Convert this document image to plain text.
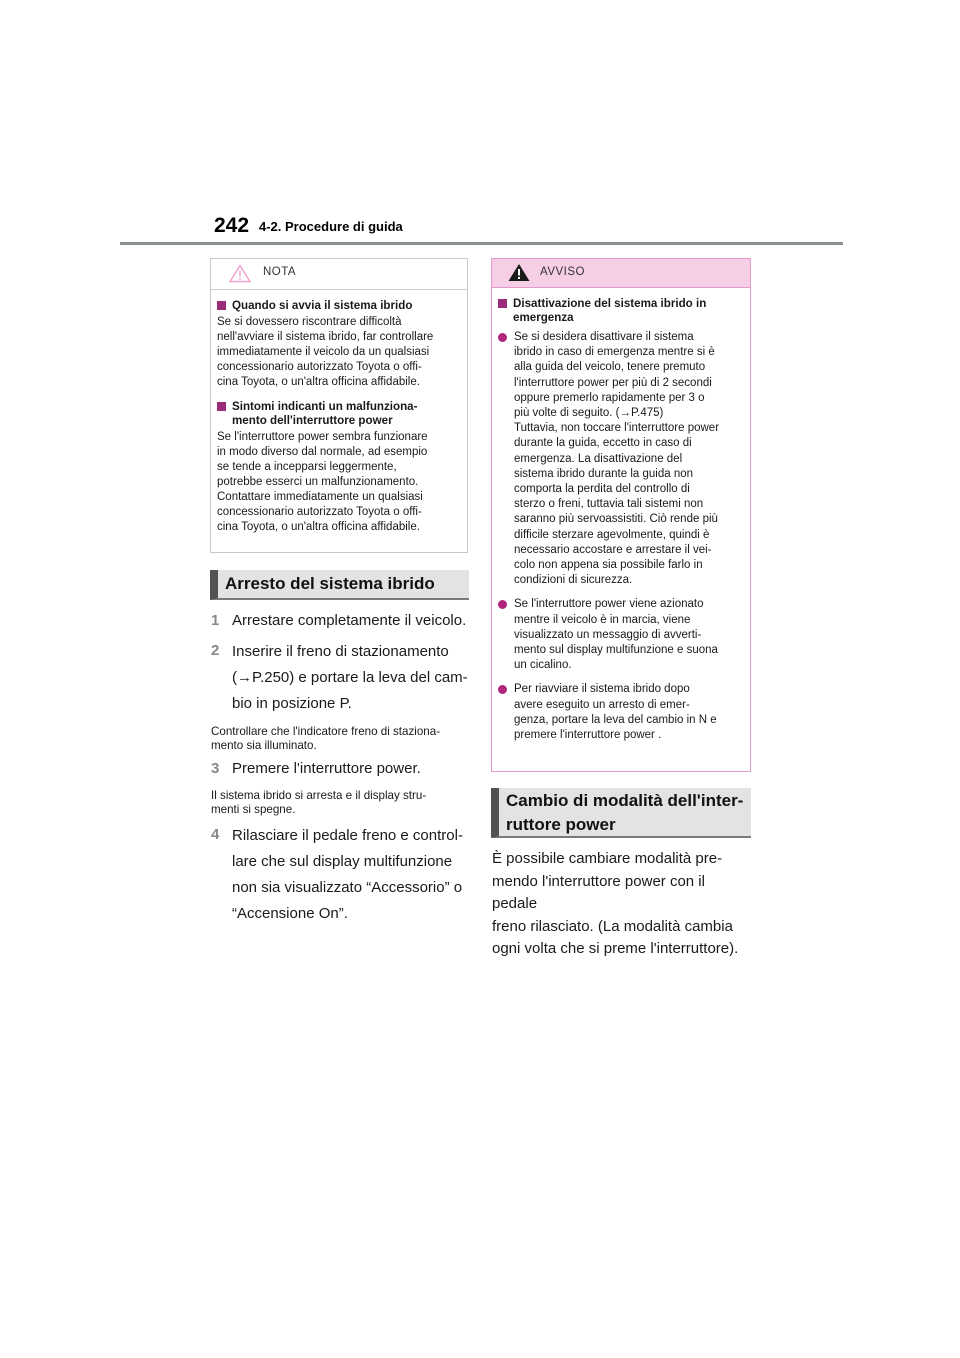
242 4-2. Procedure di guida
NOTA
Quando si avvia il sistema ibrido
Se si dovessero riscontrare difficoltà
nell'avviare il sistema ibrido, far controllare
immediatamente il veicolo da un qualsiasi
concessionario autorizzato Toyota o offi-
cina Toyota, o un'altra officina affidabile.
Sintomi indicanti un malfunziona-
mento dell'interruttore power
Se l'interruttore power sembra funzionare
in modo diverso dal normale, ad esempio
se tende a incepparsi leggermente,
potrebbe esserci un malfunzionamento.
Contattare immediatamente un qualsiasi
concessionario autorizzato Toyota o offi-
cina Toyota, o un'altra officina affidabile.
Arresto del sistema ibrido
1 Arrestare completamente il veicolo.
2 Inserire il freno di stazionamento
(→P.250) e portare la leva del cam-
bio in posizione P.
Controllare che l'indicatore freno di staziona-
mento sia illuminato.
3 Premere l'interruttore power.
Il sistema ibrido si arresta e il display stru-
menti si spegne.
4 Rilasciare il pedale freno e control-
lare che sul display multifunzione
non sia visualizzato “Accessorio” o
“Accensione On”.
AVVISO
Disattivazione del sistema ibrido in
emergenza
Se si desidera disattivare il sistema
ibrido in caso di emergenza mentre si è
alla guida del veicolo, tenere premuto
l'interruttore power per più di 2 secondi
oppure premerlo rapidamente per 3 o
più volte di seguito. (→P.475)
Tuttavia, non toccare l'interruttore power
durante la guida, eccetto in caso di
emergenza. La disattivazione del
sistema ibrido durante la guida non
comporta la perdita del controllo di
sterzo o freni, tuttavia tali sistemi non
saranno più servoassistiti. Ciò rende più
difficile sterzare agevolmente, quindi è
necessario accostare e arrestare il vei-
colo non appena sia possibile farlo in
condizioni di sicurezza.
Se l'interruttore power viene azionato
mentre il veicolo è in marcia, viene
visualizzato un messaggio di avverti-
mento sul display multifunzione e suona
un cicalino.
Per riavviare il sistema ibrido dopo
avere eseguito un arresto di emer-
genza, portare la leva del cambio in N e
premere l'interruttore power .
Cambio di modalità dell'inter-
ruttore power
È possibile cambiare modalità pre-
mendo l'interruttore power con il pedale
freno rilasciato. (La modalità cambia
ogni volta che si preme l'interruttore).
